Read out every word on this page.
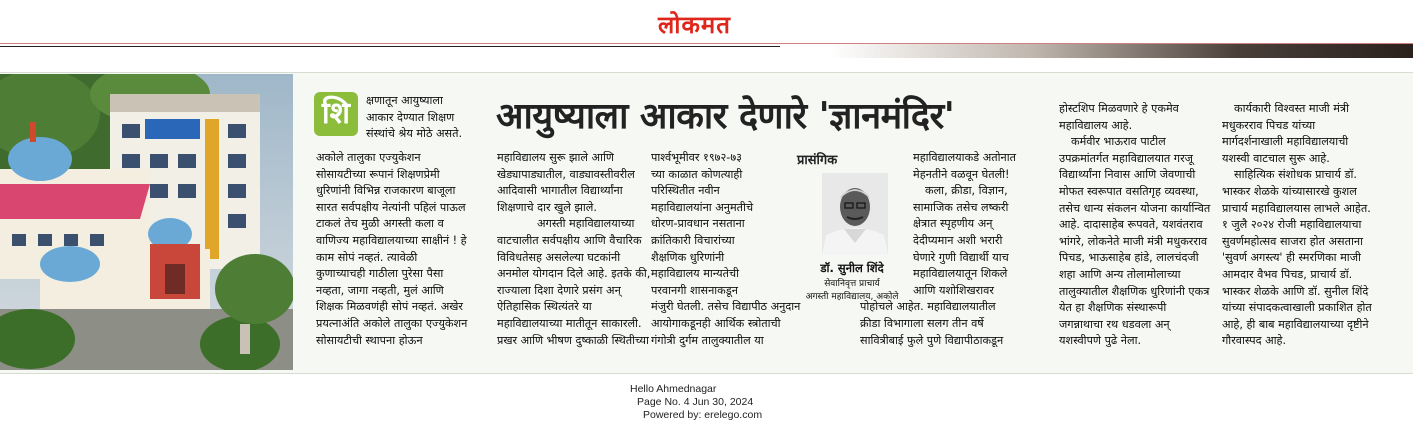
लोकमत
शि	क्षणातून आयुष्याला
आकार देण्यात शिक्षण
संस्थांचे श्रेय मोठे असते.
अकोले तालुका एज्युकेशन
सोसायटीच्या रूपानं शिक्षणप्रेमी
धुरिणांनी विभिन्न राजकारण बाजूला
सारत सर्वपक्षीय नेत्यांनी पहिलं पाऊल
टाकलं तेच मुळी अगस्ती कला व
वाणिज्य महाविद्यालयाच्या साक्षीनं ! हे
काम सोपं नव्हतं. त्यावेळी
कुणाच्याचही गाठीला पुरेसा पैसा
नव्हता, जागा नव्हती, मुलं आणि
शिक्षक मिळवणंही सोपं नव्हतं. अखेर
प्रयत्नाअंति अकोले तालुका एज्युकेशन
सोसायटीची स्थापना होऊन
आयुष्याला आकार देणारे 'ज्ञानमंदिर'
महाविद्यालय सुरू झाले आणि
खेड्यापाड्यातील, वाड्यावस्तीवरील
आदिवासी भागातील विद्यार्थ्यांना
शिक्षणाचे दार खुले झाले.
अगस्ती महाविद्यालयाच्या
वाटचालीत सर्वपक्षीय आणि वैचारिक
विविधतेसह असलेल्या घटकांनी
अनमोल योगदान दिले आहे. इतके की,
राज्याला दिशा देणारे प्रसंग अन्
ऐतिहासिक स्थित्यंतरे या
महाविद्यालयाच्या मातीतून साकारली.
प्रखर आणि भीषण दुष्काळी स्थितीच्या
पार्श्वभूमीवर १९७२-७३
च्या काळात कोणत्याही
परिस्थितीत नवीन
महाविद्यालयांना अनुमतीचे
धोरण-प्रावधान नसताना
क्रांतिकारी विचारांच्या
शैक्षणिक धुरिणांनी
महाविद्यालय मान्यतेची
परवानगी शासनाकडून
मंजुरी घेतली. तसेच विद्यापीठ अनुदान
आयोगाकडूनही आर्थिक स्त्रोताची
गंगोत्री दुर्गम तालुक्यातील या
प्रासंगिक
डॉ. सुनील शिंदे
सेवानिवृत्त प्राचार्य
अगस्ती महाविद्यालय, अकोले
महाविद्यालयाकडे अतोनात
मेहनतीने वळवून घेतली!
कला, क्रीडा, विज्ञान,
सामाजिक तसेच लष्करी
क्षेत्रात स्पृहणीय अन्
देदीप्यमान अशी भरारी
घेणारे गुणी विद्यार्थी याच
महाविद्यालयातून शिकले
आणि यशोशिखरावर
पोहोचले आहेत. महाविद्यालयातील
क्रीडा विभागाला सलग तीन वर्षे
सावित्रीबाई फुले पुणे विद्यापीठाकडून
होस्टशिप मिळवणारे हे एकमेव
महाविद्यालय आहे.
कर्मवीर भाऊराव पाटील
उपक्रमांतर्गत महाविद्यालयात गरजू
विद्यार्थ्यांना निवास आणि जेवणाची
मोफत स्वरूपात वसतिगृह व्यवस्था,
तसेच धान्य संकलन योजना कार्यान्वित
आहे. दादासाहेब रूपवते, यशवंतराव
भांगरे, लोकनेते माजी मंत्री मधुकरराव
पिचड, भाऊसाहेब हांडे, लालचंदजी
शहा आणि अन्य तोलामोलाच्या
तालुक्यातील शैक्षणिक धुरिणांनी एकत्र
येत हा शैक्षणिक संस्थारूपी
जगन्नाथाचा रथ धडवला अन्
यशस्वीपणे पुढे नेला.
कार्यकारी विश्वस्त माजी मंत्री
मधुकरराव पिचड यांच्या
मार्गदर्शनाखाली महाविद्यालयाची
यशस्वी वाटचाल सुरू आहे.
साहित्यिक संशोधक प्राचार्य डॉ.
भास्कर शेळके यांच्यासारखे कुशल
प्राचार्य महाविद्यालयास लाभले आहेत.
१ जुलै २०२४ रोजी महाविद्यालयाचा
सुवर्णमहोत्सव साजरा होत असताना
'सुवर्ण अगस्त्य' ही स्मरणिका माजी
आमदार वैभव पिचड, प्राचार्य डॉ.
भास्कर शेळके आणि डॉ. सुनील शिंदे
यांच्या संपादकत्वाखाली प्रकाशित होत
आहे, ही बाब महाविद्यालयाच्या दृष्टीने
गौरवास्पद आहे.
Hello Ahmednagar
Page No. 4 Jun 30, 2024
Powered by: erelego.com
